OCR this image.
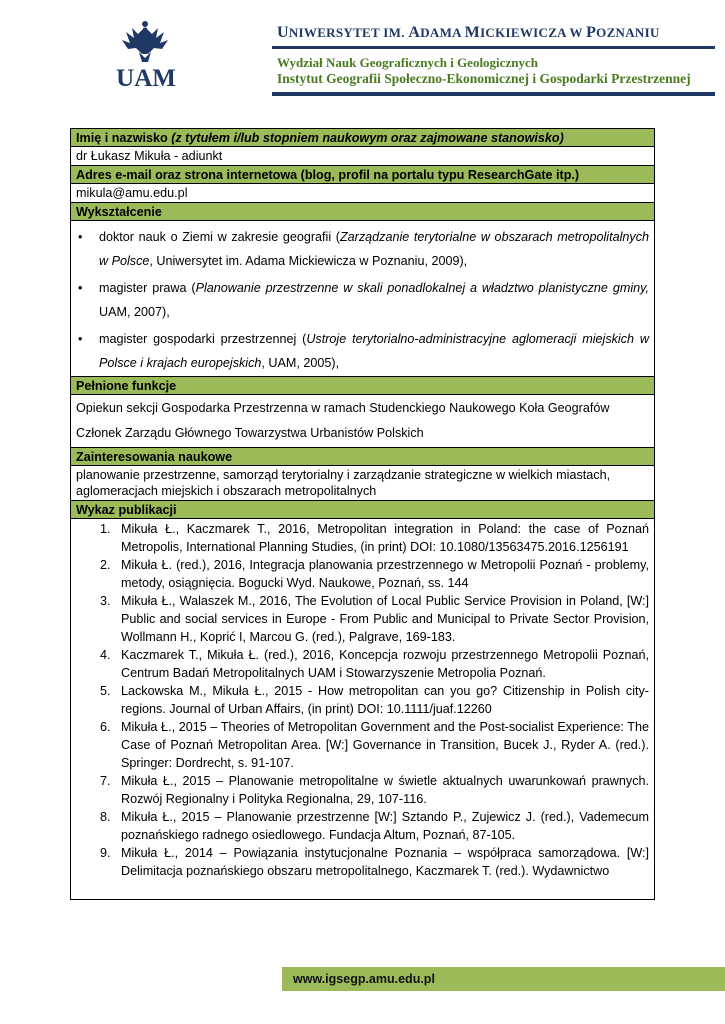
UAM
UNIWERSYTET IM. ADAMA MICKIEWICZA W POZNANIU
Wydział Nauk Geograficznych i Geologicznych
Instytut Geografii Społeczno-Ekonomicznej i Gospodarki Przestrzennej
Imię i nazwisko (z tytułem i/lub stopniem naukowym oraz zajmowane stanowisko)
dr Łukasz Mikuła - adiunkt
Adres e-mail oraz strona internetowa (blog, profil na portalu typu ResearchGate itp.)
mikula@amu.edu.pl
Wykształcenie
• doktor nauk o Ziemi w zakresie geografii (Zarządzanie terytorialne w obszarach metropolitalnych w Polsce, Uniwersytet im. Adama Mickiewicza w Poznaniu, 2009),
• magister prawa (Planowanie przestrzenne w skali ponadlokalnej a władztwo planistyczne gminy, UAM, 2007),
• magister gospodarki przestrzennej (Ustroje terytorialno-administracyjne aglomeracji miejskich w Polsce i krajach europejskich, UAM, 2005),
Pełnione funkcje

Opiekun sekcji Gospodarka Przestrzenna w ramach Studenckiego Naukowego Koła Geografów

Członek Zarządu Głównego Towarzystwa Urbanistów Polskich

Zainteresowania naukowe
planowanie przestrzenne, samorząd terytorialny i zarządzanie strategiczne w wielkich miastach, aglomeracjach miejskich i obszarach metropolitalnych
Wykaz publikacji
1. Mikuła Ł., Kaczmarek T., 2016, Metropolitan integration in Poland: the case of Poznań Metropolis, International Planning Studies, (in print) DOI: 10.1080/13563475.2016.1256191
2. Mikuła Ł. (red.), 2016, Integracja planowania przestrzennego w Metropolii Poznań - problemy, metody, osiągnięcia. Bogucki Wyd. Naukowe, Poznań, ss. 144
3. Mikuła Ł., Walaszek M., 2016, The Evolution of Local Public Service Provision in Poland, [W:] Public and social services in Europe - From Public and Municipal to Private Sector Provision, Wollmann H., Koprić I, Marcou G. (red.), Palgrave, 169-183.
4. Kaczmarek T., Mikuła Ł. (red.), 2016, Koncepcja rozwoju przestrzennego Metropolii Poznań, Centrum Badań Metropolitalnych UAM i Stowarzyszenie Metropolia Poznań.
5. Lackowska M., Mikuła Ł., 2015 - How metropolitan can you go? Citizenship in Polish city-regions. Journal of Urban Affairs, (in print) DOI: 10.1111/juaf.12260
6. Mikuła Ł., 2015 – Theories of Metropolitan Government and the Post-socialist Experience: The Case of Poznań Metropolitan Area. [W:] Governance in Transition, Bucek J., Ryder A. (red.). Springer: Dordrecht, s. 91-107.
7. Mikuła Ł., 2015 – Planowanie metropolitalne w świetle aktualnych uwarunkowań prawnych. Rozwój Regionalny i Polityka Regionalna, 29, 107-116.
8. Mikuła Ł., 2015 – Planowanie przestrzenne [W:] Sztando P., Zujewicz J. (red.), Vademecum poznańskiego radnego osiedlowego. Fundacja Altum, Poznań, 87-105.
9. Mikuła Ł., 2014 – Powiązania instytucjonalne Poznania – współpraca samorządowa. [W:] Delimitacja poznańskiego obszaru metropolitalnego, Kaczmarek T. (red.). Wydawnictwo
www.igsegp.amu.edu.pl
